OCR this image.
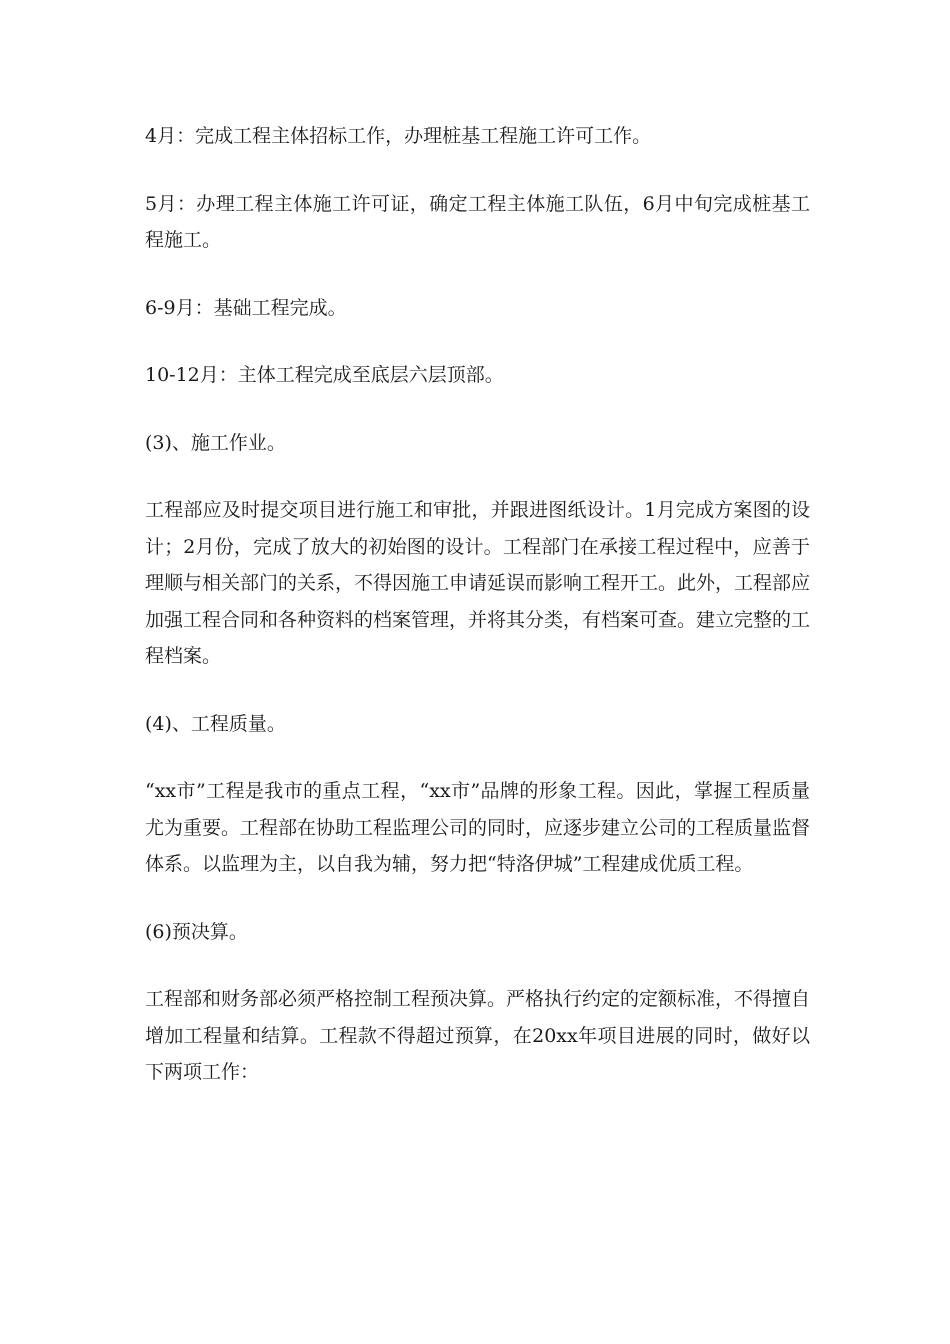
4月：完成工程主体招标工作，办理桩基工程施工许可工作。

5月：办理工程主体施工许可证，确定工程主体施工队伍，6月中旬完成桩基工程施工。

6-9月：基础工程完成。

10-12月：主体工程完成至底层六层顶部。

(3)、施工作业。

工程部应及时提交项目进行施工和审批，并跟进图纸设计。1月完成方案图的设计；2月份，完成了放大的初始图的设计。工程部门在承接工程过程中，应善于理顺与相关部门的关系，不得因施工申请延误而影响工程开工。此外，工程部应加强工程合同和各种资料的档案管理，并将其分类，有档案可查。建立完整的工程档案。

(4)、工程质量。

“xx市”工程是我市的重点工程，“xx市”品牌的形象工程。因此，掌握工程质量尤为重要。工程部在协助工程监理公司的同时，应逐步建立公司的工程质量监督体系。以监理为主，以自我为辅，努力把“特洛伊城”工程建成优质工程。

(6)预决算。

工程部和财务部必须严格控制工程预决算。严格执行约定的定额标准，不得擅自增加工程量和结算。工程款不得超过预算，在20xx年项目进展的同时，做好以下两项工作：
